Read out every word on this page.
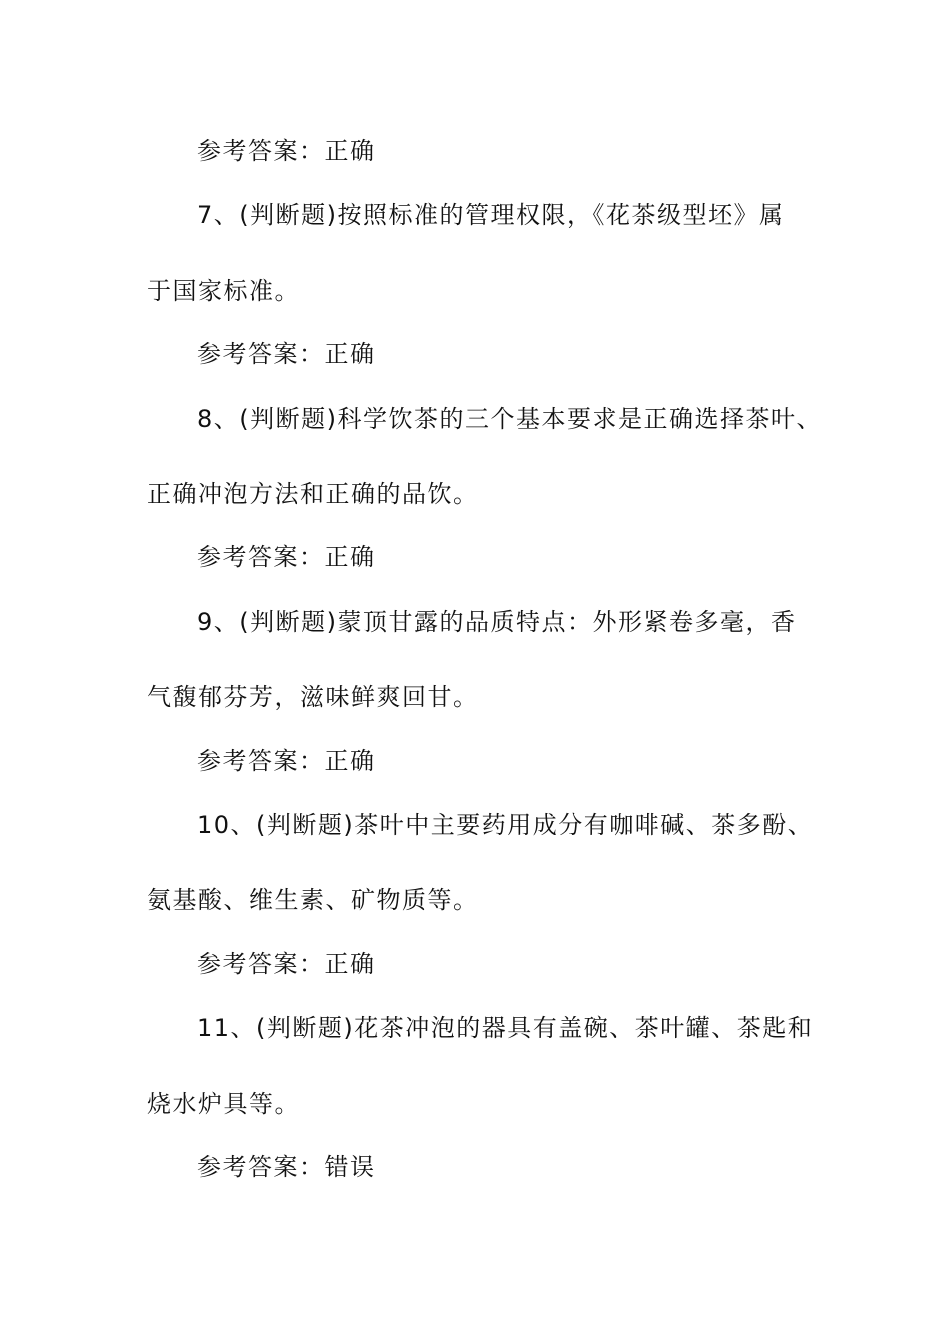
参考答案：正确
7、(判断题)按照标准的管理权限，《花茶级型坯》属
于国家标准。
参考答案：正确
8、(判断题)科学饮茶的三个基本要求是正确选择茶叶、
正确冲泡方法和正确的品饮。
参考答案：正确
9、(判断题)蒙顶甘露的品质特点：外形紧卷多毫，香
气馥郁芬芳，滋味鲜爽回甘。
参考答案：正确
10、(判断题)茶叶中主要药用成分有咖啡碱、茶多酚、
氨基酸、维生素、矿物质等。
参考答案：正确
11、(判断题)花茶冲泡的器具有盖碗、茶叶罐、茶匙和
烧水炉具等。
参考答案：错误
